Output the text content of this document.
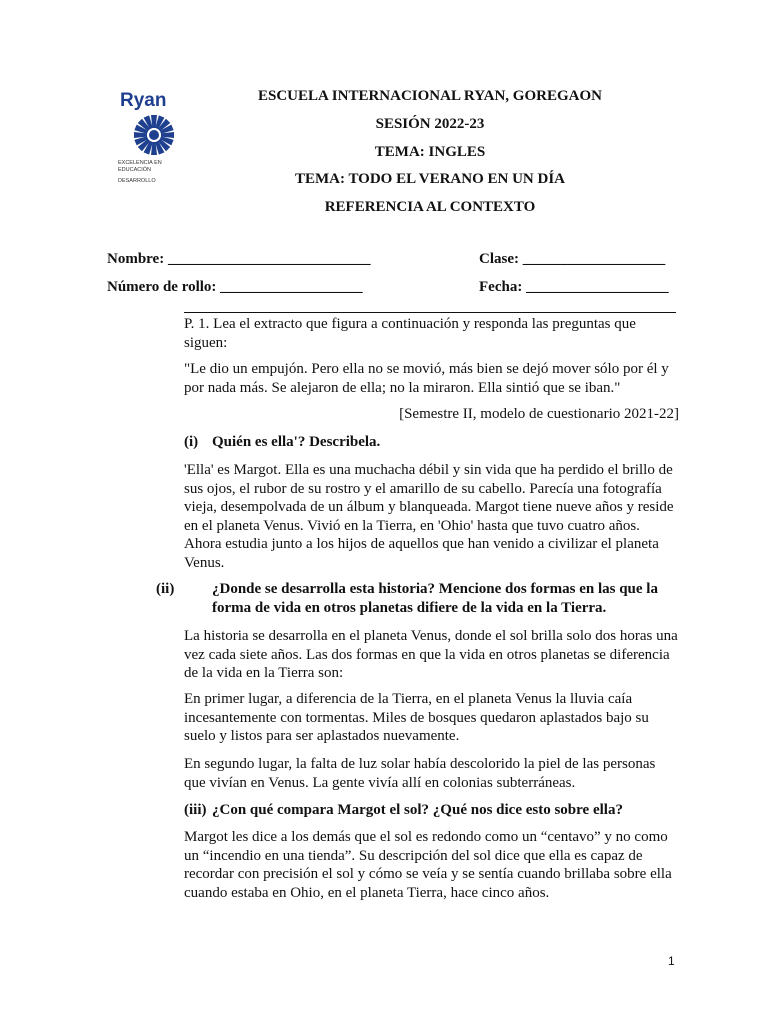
Ryan
EXCELENCIA EN
EDUCACIÓN
DESARROLLO
ESCUELA INTERNACIONAL RYAN, GOREGAON
SESIÓN 2022-23
TEMA: INGLES
TEMA: TODO EL VERANO EN UN DÍA
REFERENCIA AL CONTEXTO
Nombre: ___________________________	Clase: ___________________
Número de rollo: ___________________	Fecha: ___________________
P. 1. Lea el extracto que figura a continuación y responda las preguntas que siguen:
"Le dio un empujón. Pero ella no se movió, más bien se dejó mover sólo por él y por nada más. Se alejaron de ella; no la miraron. Ella sintió que se iban."
[Semestre II, modelo de cuestionario 2021-22]
(i) Quién es ella'? Describela.
'Ella' es Margot. Ella es una muchacha débil y sin vida que ha perdido el brillo de sus ojos, el rubor de su rostro y el amarillo de su cabello. Parecía una fotografía vieja, desempolvada de un álbum y blanqueada. Margot tiene nueve años y reside en el planeta Venus. Vivió en la Tierra, en 'Ohio' hasta que tuvo cuatro años. Ahora estudia junto a los hijos de aquellos que han venido a civilizar el planeta Venus.
(ii)	¿Donde se desarrolla esta historia? Mencione dos formas en las que la forma de vida en otros planetas difiere de la vida en la Tierra.
La historia se desarrolla en el planeta Venus, donde el sol brilla solo dos horas una vez cada siete años. Las dos formas en que la vida en otros planetas se diferencia de la vida en la Tierra son:
En primer lugar, a diferencia de la Tierra, en el planeta Venus la lluvia caía incesantemente con tormentas. Miles de bosques quedaron aplastados bajo su suelo y listos para ser aplastados nuevamente.
En segundo lugar, la falta de luz solar había descolorido la piel de las personas que vivían en Venus. La gente vivía allí en colonias subterráneas.
(iii) ¿Con qué compara Margot el sol? ¿Qué nos dice esto sobre ella?
Margot les dice a los demás que el sol es redondo como un “centavo” y no como un “incendio en una tienda”. Su descripción del sol dice que ella es capaz de recordar con precisión el sol y cómo se veía y se sentía cuando brillaba sobre ella cuando estaba en Ohio, en el planeta Tierra, hace cinco años.
1
